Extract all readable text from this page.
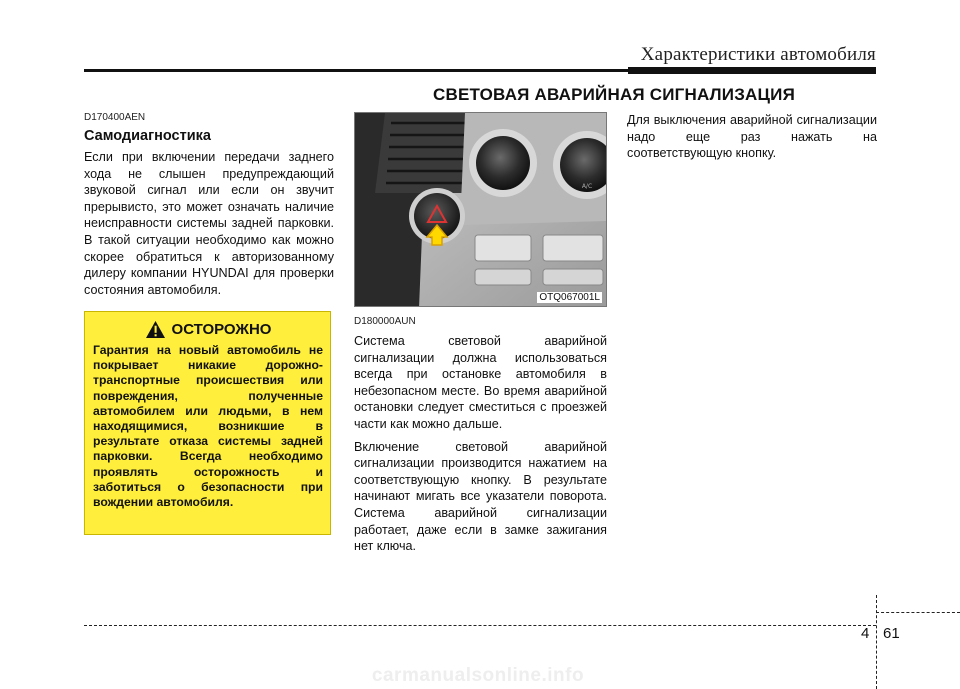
Характеристики автомобиля
СВЕТОВАЯ АВАРИЙНАЯ СИГНАЛИЗАЦИЯ

D170400AEN

Самодиагностика

Если при включении передачи заднего хода не слышен предупреждающий звуковой сигнал или если он звучит прерывисто, это может означать наличие неисправности системы задней парковки. В такой ситуации необходимо как можно скорее обратиться к авторизованному дилеру компании HYUNDAI для проверки состояния автомобиля.

ОСТОРОЖНО

Гарантия на новый автомобиль не покрывает никакие дорожно-транспортные происшествия или повреждения, полученные автомобилем или людьми, в нем находящимися, возникшие в результате отказа системы задней парковки. Всегда необходимо проявлять осторожность и заботиться о безопасности при вождении автомобиля.

A/C
OTQ067001L

D180000AUN

Система световой аварийной сигнализации должна использоваться всегда при остановке автомобиля в небезопасном месте. Во время аварийной остановки следует сместиться с проезжей части как можно дальше.

Включение световой аварийной сигнализации производится нажатием на соответствующую кнопку. В результате начинают мигать все указатели поворота. Система аварийной сигнализации работает, даже если в замке зажигания нет ключа.

Для выключения аварийной сигнализации надо еще раз нажать на соответствующую кнопку.

4 61
carmanualsonline.info
